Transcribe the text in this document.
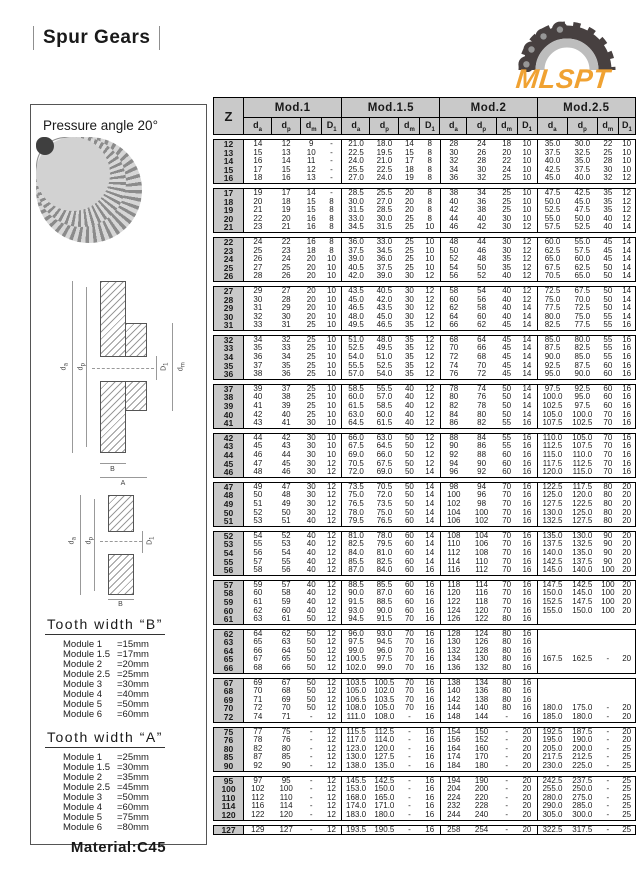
Spur Gears
MLSPT
Pressure angle 20°
$d_a$
$d_p$
$D_1$
$d_m$
B
A
$d_a$
$d_p$
$D_1$
B
Tooth width “B”
Module 1 =15mm
Module 1.5 =17mm
Module 2 =20mm
Module 2.5 =25mm
Module 3 =30mm
Module 4 =40mm
Module 5 =50mm
Module 6 =60mm
Tooth width “A”
Module 1 =25mm
Module 1.5 =30mm
Module 2 =35mm
Module 2.5 =45mm
Module 3 =50mm
Module 4 =60mm
Module 5 =75mm
Module 6 =80mm
Material:C45
Z	Mod.1				Mod.1.5				Mod.2				Mod.2.5			
	$d_a$	$d_p$	$d_m$	$D_1$	$d_a$	$d_p$	$d_m$	$D_1$	$d_a$	$d_p$	$d_m$	$D_1$	$d_a$	$d_p$	$d_m$	$D_1$
12	14	12	9	-	21.0	18.0	14	8	28	24	18	10	35.0	30.0	22	10
13	15	13	10	-	22.5	19.5	15	8	30	26	20	10	37.5	32.5	25	10
14	16	14	11	-	24.0	21.0	17	8	32	28	22	10	40.0	35.0	28	10
15	17	15	12	-	25.5	22.5	18	8	34	30	24	10	42.5	37.5	30	10
16	18	16	13	-	27.0	24.0	19	8	36	32	25	10	45.0	40.0	32	12
17	19	17	14	-	28.5	25.5	20	8	38	34	25	10	47.5	42.5	35	12
18	20	18	15	8	30.0	27.0	20	8	40	36	25	10	50.0	45.0	35	12
19	21	19	15	8	31.5	28.5	20	8	42	38	25	10	52.5	47.5	35	12
20	22	20	16	8	33.0	30.0	25	8	44	40	30	10	55.0	50.0	40	12
21	23	21	16	8	34.5	31.5	25	10	46	42	30	12	57.5	52.5	40	14
22	24	22	16	8	36.0	33.0	25	10	48	44	30	12	60.0	55.0	45	14
23	25	23	18	8	37.5	34.5	25	10	50	46	30	12	62.5	57.5	45	14
24	26	24	20	10	39.0	36.0	25	10	52	48	35	12	65.0	60.0	45	14
25	27	25	20	10	40.5	37.5	25	10	54	50	35	12	67.5	62.5	50	14
26	28	26	20	10	42.0	39.0	30	12	56	52	40	12	70.5	65.0	50	14
27	29	27	20	10	43.5	40.5	30	12	58	54	40	12	72.5	67.5	50	14
28	30	28	20	10	45.0	42.0	30	12	60	56	40	12	75.0	70.0	50	14
29	31	29	20	10	46.5	43.5	30	12	62	58	40	14	77.5	72.5	50	14
30	32	30	20	10	48.0	45.0	30	12	64	60	40	14	80.0	75.0	55	14
31	33	31	25	10	49.5	46.5	35	12	66	62	45	14	82.5	77.5	55	16
32	34	32	25	10	51.0	48.0	35	12	68	64	45	14	85.0	80.0	55	16
33	35	33	25	10	52.5	49.5	35	12	70	66	45	14	87.5	82.5	55	16
34	36	34	25	10	54.0	51.0	35	12	72	68	45	14	90.0	85.0	55	16
35	37	35	25	10	55.5	52.5	35	12	74	70	45	14	92.5	87.5	60	16
36	38	36	25	10	57.0	54.0	35	12	76	72	45	14	95.0	90.0	60	16
37	39	37	25	10	58.5	55.5	40	12	78	74	50	14	97.5	92.5	60	16
38	40	38	25	10	60.0	57.0	40	12	80	76	50	14	100.0	95.0	60	16
39	41	39	25	10	61.5	58.5	40	12	82	78	50	14	102.5	97.5	60	16
40	42	40	25	10	63.0	60.0	40	12	84	80	50	14	105.0	100.0	70	16
41	43	41	30	10	64.5	61.5	40	12	86	82	55	16	107.5	102.5	70	16
42	44	42	30	10	66.0	63.0	50	12	88	84	55	16	110.0	105.0	70	16
43	45	43	30	10	67.5	64.5	50	12	90	86	55	16	112.5	107.5	70	16
44	46	44	30	10	69.0	66.0	50	12	92	88	60	16	115.0	110.0	70	16
45	47	45	30	12	70.5	67.5	50	12	94	90	60	16	117.5	112.5	70	16
46	48	46	30	12	72.0	69.0	50	14	96	92	60	16	120.0	115.0	70	16
47	49	47	30	12	73.5	70.5	50	14	98	94	70	16	122.5	117.5	80	20
48	50	48	30	12	75.0	72.0	50	14	100	96	70	16	125.0	120.0	80	20
49	51	49	30	12	76.5	73.5	50	14	102	98	70	16	127.5	122.5	80	20
50	52	50	30	12	78.0	75.0	50	14	104	100	70	16	130.0	125.0	80	20
51	53	51	40	12	79.5	76.5	60	14	106	102	70	16	132.5	127.5	80	20
52	54	52	40	12	81.0	78.0	60	14	108	104	70	16	135.0	130.0	90	20
53	55	53	40	12	82.5	79.5	60	14	110	106	70	16	137.5	132.5	90	20
54	56	54	40	12	84.0	81.0	60	14	112	108	70	16	140.0	135.0	90	20
55	57	55	40	12	85.5	82.5	60	14	114	110	70	16	142.5	137.5	90	20
56	58	56	40	12	87.0	84.0	60	16	116	112	70	16	145.0	140.0	100	20
57	59	57	40	12	88.5	85.5	60	16	118	114	70	16	147.5	142.5	100	20
58	60	58	40	12	90.0	87.0	60	16	120	116	70	16	150.0	145.0	100	20
59	61	59	40	12	91.5	88.5	60	16	122	118	70	16	152.5	147.5	100	20
60	62	60	40	12	93.0	90.0	60	16	124	120	70	16	155.0	150.0	100	20
61	63	61	50	12	94.5	91.5	70	16	126	122	80	16				
62	64	62	50	12	96.0	93.0	70	16	128	124	80	16				
63	65	63	50	12	97.5	94.5	70	16	130	126	80	16				
64	66	64	50	12	99.0	96.0	70	16	132	128	80	16				
65	67	65	50	12	100.5	97.5	70	16	134	130	80	16	167.5	162.5	-	20
66	68	66	50	12	102.0	99.0	70	16	136	132	80	16				
67	69	67	50	12	103.5	100.5	70	16	138	134	80	16				
68	70	68	50	12	105.0	102.0	70	16	140	136	80	16				
69	71	69	50	12	106.5	103.5	70	16	142	138	80	16				
70	72	70	50	12	108.0	105.0	70	16	144	140	80	16	180.0	175.0	-	20
72	74	71	-	12	111.0	108.0	-	16	148	144	-	16	185.0	180.0	-	20
75	77	75	-	12	115.5	112.5	-	16	154	150	-	20	192.5	187.5	-	20
76	78	76	-	12	117.0	114.0	-	16	156	152	-	20	195.0	190.0	-	20
80	82	80	-	12	123.0	120.0	-	16	164	160	-	20	205.0	200.0	-	25
85	87	85	-	12	130.0	127.5	-	16	174	170	-	20	217.5	212.5	-	25
90	92	90	-	12	138.0	135.0	-	16	184	180	-	20	230.0	225.0	-	25
95	97	95	-	12	145.5	142.5	-	16	194	190	-	20	242.5	237.5	-	25
100	102	100	-	12	153.0	150.0	-	16	204	200	-	20	255.0	250.0	-	25
110	112	110	-	12	168.0	165.0	-	16	224	220	-	20	280.0	275.0	-	25
114	116	114	-	12	174.0	171.0	-	16	232	228	-	20	290.0	285.0	-	25
120	122	120	-	12	183.0	180.0	-	16	244	240	-	20	305.0	300.0	-	25
127	129	127	-	12	193.5	190.5	-	16	258	254	-	20	322.5	317.5	-	25
